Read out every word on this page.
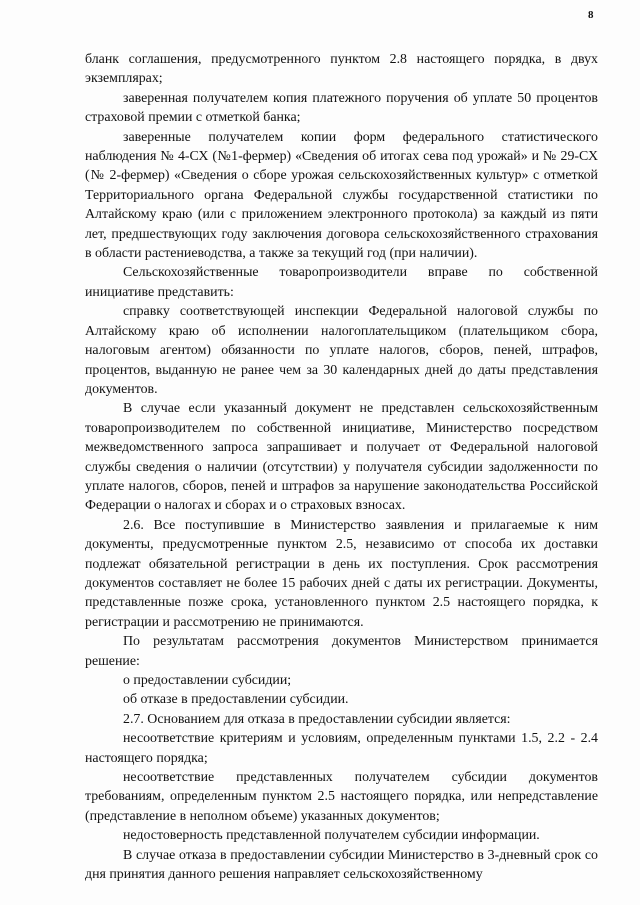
8

бланк соглашения, предусмотренного пунктом 2.8 настоящего порядка, в двух экземплярах;

заверенная получателем копия платежного поручения об уплате 50 процентов страховой премии с отметкой банка;

заверенные получателем копии форм федерального статистического наблюдения № 4-СХ (№1-фермер) «Сведения об итогах сева под урожай» и № 29-СХ (№ 2-фермер) «Сведения о сборе урожая сельскохозяйственных культур» с отметкой Территориального органа Федеральной службы государственной статистики по Алтайскому краю (или с приложением электронного протокола) за каждый из пяти лет, предшествующих году заключения договора сельскохозяйственного страхования в области растениеводства, а также за текущий год (при наличии).

Сельскохозяйственные товаропроизводители вправе по собственной инициативе представить:

справку соответствующей инспекции Федеральной налоговой службы по Алтайскому краю об исполнении налогоплательщиком (плательщиком сбора, налоговым агентом) обязанности по уплате налогов, сборов, пеней, штрафов, процентов, выданную не ранее чем за 30 календарных дней до даты представления документов.

В случае если указанный документ не представлен сельскохозяйственным товаропроизводителем по собственной инициативе, Министерство посредством межведомственного запроса запрашивает и получает от Федеральной налоговой службы сведения о наличии (отсутствии) у получателя субсидии задолженности по уплате налогов, сборов, пеней и штрафов за нарушение законодательства Российской Федерации о налогах и сборах и о страховых взносах.

2.6. Все поступившие в Министерство заявления и прилагаемые к ним документы, предусмотренные пунктом 2.5, независимо от способа их доставки подлежат обязательной регистрации в день их поступления. Срок рассмотрения документов составляет не более 15 рабочих дней с даты их регистрации. Документы, представленные позже срока, установленного пунктом 2.5 настоящего порядка, к регистрации и рассмотрению не принимаются.

По результатам рассмотрения документов Министерством принимается решение:

о предоставлении субсидии;

об отказе в предоставлении субсидии.

2.7. Основанием для отказа в предоставлении субсидии является:

несоответствие критериям и условиям, определенным пунктами 1.5, 2.2 - 2.4 настоящего порядка;

несоответствие представленных получателем субсидии документов требованиям, определенным пунктом 2.5 настоящего порядка, или непредставление (представление в неполном объеме) указанных документов;

недостоверность представленной получателем субсидии информации.

В случае отказа в предоставлении субсидии Министерство в 3-дневный срок со дня принятия данного решения направляет сельскохозяйственному
